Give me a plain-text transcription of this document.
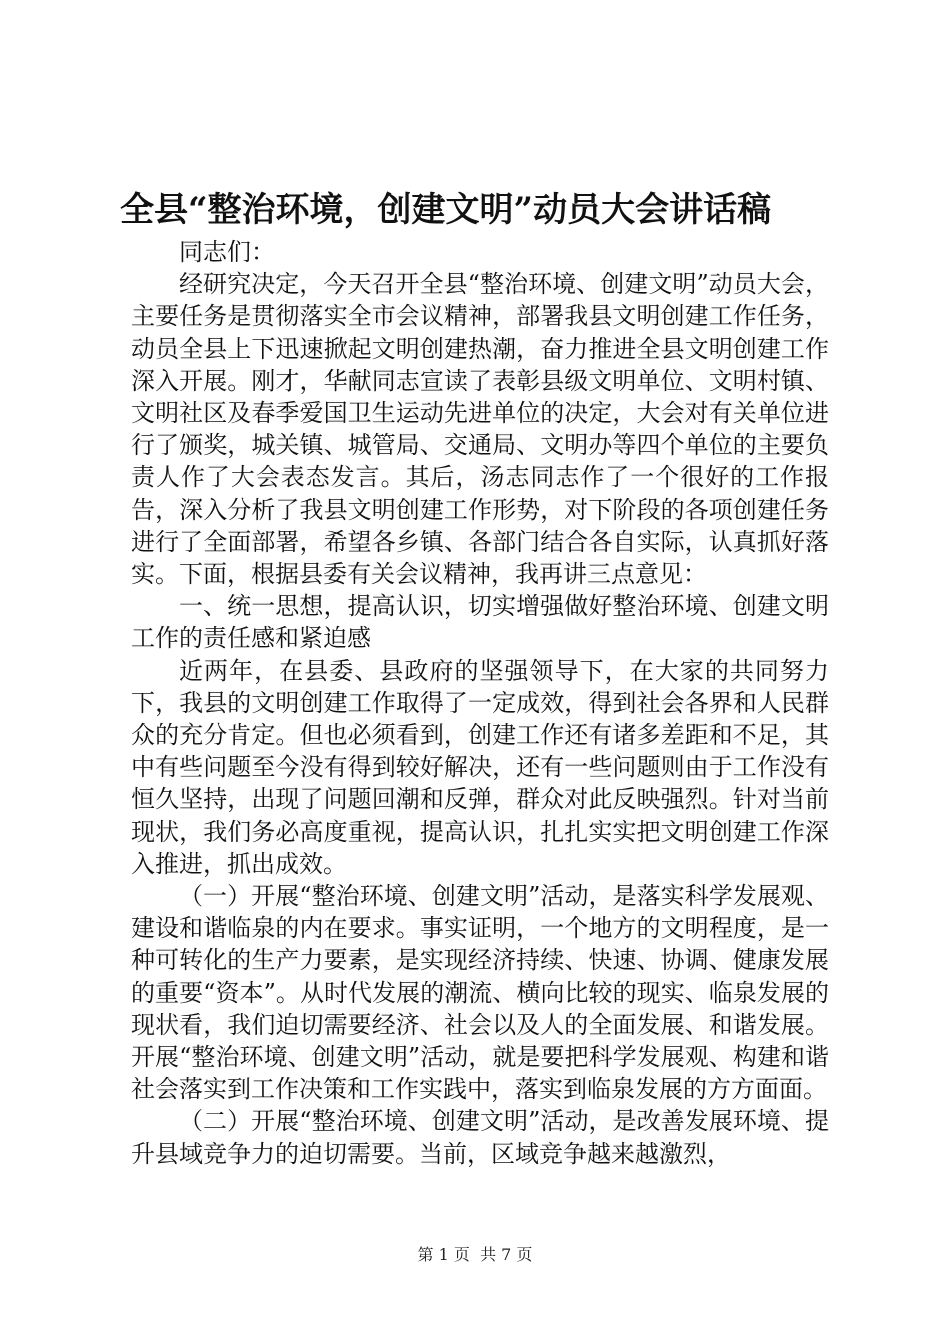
全县“整治环境，创建文明”动员大会讲话稿

同志们：

经研究决定，今天召开全县“整治环境、创建文明”动员大会，主要任务是贯彻落实全市会议精神，部署我县文明创建工作任务，动员全县上下迅速掀起文明创建热潮，奋力推进全县文明创建工作深入开展。刚才，华献同志宣读了表彰县级文明单位、文明村镇、文明社区及春季爱国卫生运动先进单位的决定，大会对有关单位进行了颁奖，城关镇、城管局、交通局、文明办等四个单位的主要负责人作了大会表态发言。其后，汤志同志作了一个很好的工作报告，深入分析了我县文明创建工作形势，对下阶段的各项创建任务进行了全面部署，希望各乡镇、各部门结合各自实际，认真抓好落实。下面，根据县委有关会议精神，我再讲三点意见：

一、统一思想，提高认识，切实增强做好整治环境、创建文明工作的责任感和紧迫感

近两年，在县委、县政府的坚强领导下，在大家的共同努力下，我县的文明创建工作取得了一定成效，得到社会各界和人民群众的充分肯定。但也必须看到，创建工作还有诸多差距和不足，其中有些问题至今没有得到较好解决，还有一些问题则由于工作没有恒久坚持，出现了问题回潮和反弹，群众对此反映强烈。针对当前现状，我们务必高度重视，提高认识，扎扎实实把文明创建工作深入推进，抓出成效。

（一）开展“整治环境、创建文明”活动，是落实科学发展观、建设和谐临泉的内在要求。事实证明，一个地方的文明程度，是一种可转化的生产力要素，是实现经济持续、快速、协调、健康发展的重要“资本”。从时代发展的潮流、横向比较的现实、临泉发展的现状看，我们迫切需要经济、社会以及人的全面发展、和谐发展。开展“整治环境、创建文明”活动，就是要把科学发展观、构建和谐社会落实到工作决策和工作实践中，落实到临泉发展的方方面面。

（二）开展“整治环境、创建文明”活动，是改善发展环境、提升县域竞争力的迫切需要。当前，区域竞争越来越激烈，

第 1 页  共 7 页
